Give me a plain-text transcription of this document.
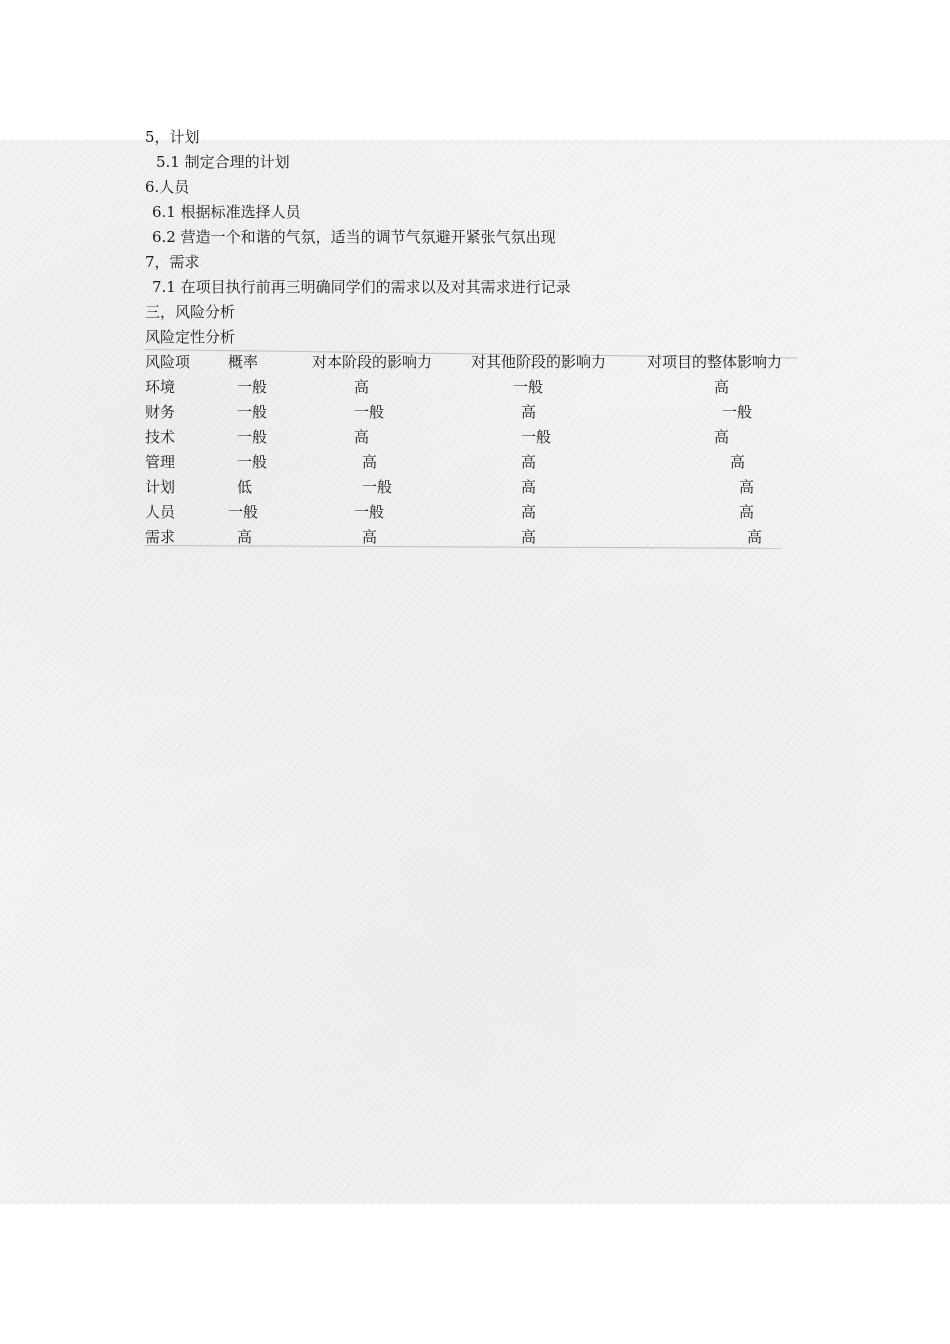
5，计划
5.1 制定合理的计划
6.人员
6.1 根据标准选择人员
6.2 营造一个和谐的气氛，适当的调节气氛避开紧张气氛出现
7，需求
7.1 在项目执行前再三明确同学们的需求以及对其需求进行记录
三，风险分析
风险定性分析
风险项	概率	对本阶段的影响力	对其他阶段的影响力	对项目的整体影响力
环境	一般	高	一般	高
财务	一般	一般	高	一般
技术	一般	高	一般	高
管理	一般	高	高	高
计划	低	一般	高	高
人员	一般	一般	高	高
需求	高	高	高	高
